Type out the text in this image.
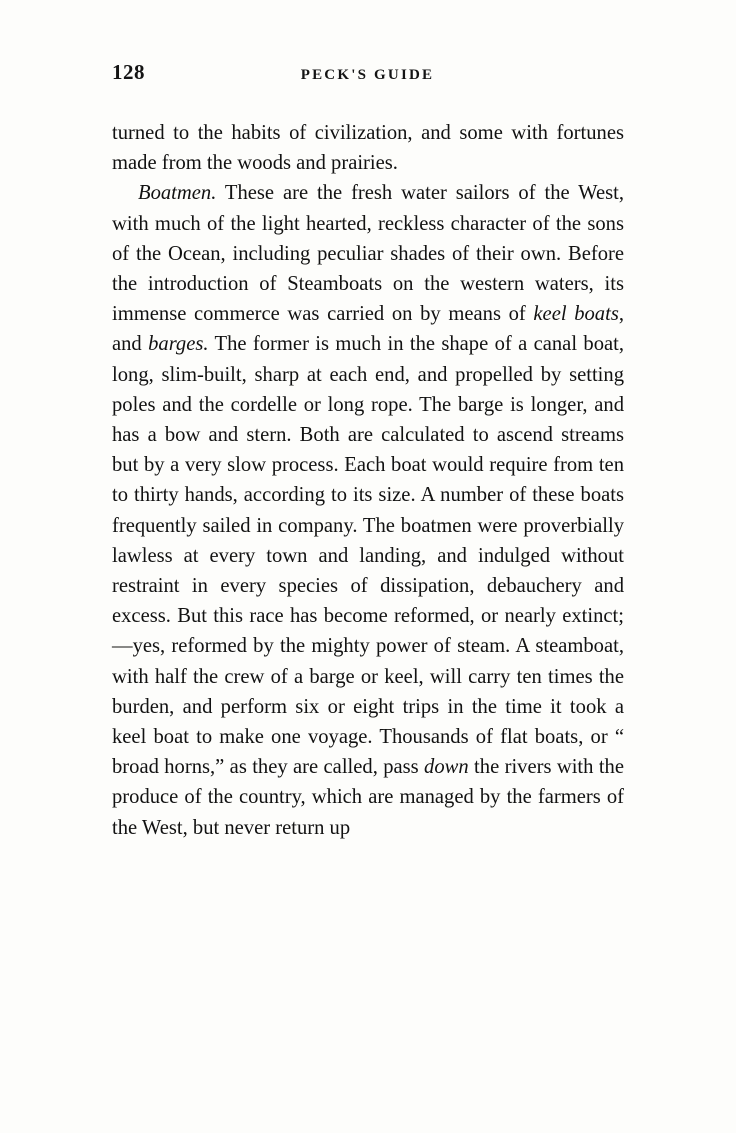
128	PECK'S GUIDE

turned to the habits of civilization, and some with fortunes made from the woods and prairies.

Boatmen. These are the fresh water sailors of the West, with much of the light hearted, reckless character of the sons of the Ocean, including peculiar shades of their own. Before the introduction of Steamboats on the western waters, its immense commerce was carried on by means of keel boats, and barges. The former is much in the shape of a canal boat, long, slim-built, sharp at each end, and propelled by setting poles and the cordelle or long rope. The barge is longer, and has a bow and stern. Both are calculated to ascend streams but by a very slow process. Each boat would require from ten to thirty hands, according to its size. A number of these boats frequently sailed in company. The boatmen were proverbially lawless at every town and landing, and indulged without restraint in every species of dissipation, debauchery and excess. But this race has become reformed, or nearly extinct;—yes, reformed by the mighty power of steam. A steamboat, with half the crew of a barge or keel, will carry ten times the burden, and perform six or eight trips in the time it took a keel boat to make one voyage. Thousands of flat boats, or “ broad horns,” as they are called, pass down the rivers with the produce of the country, which are managed by the farmers of the West, but never return up
